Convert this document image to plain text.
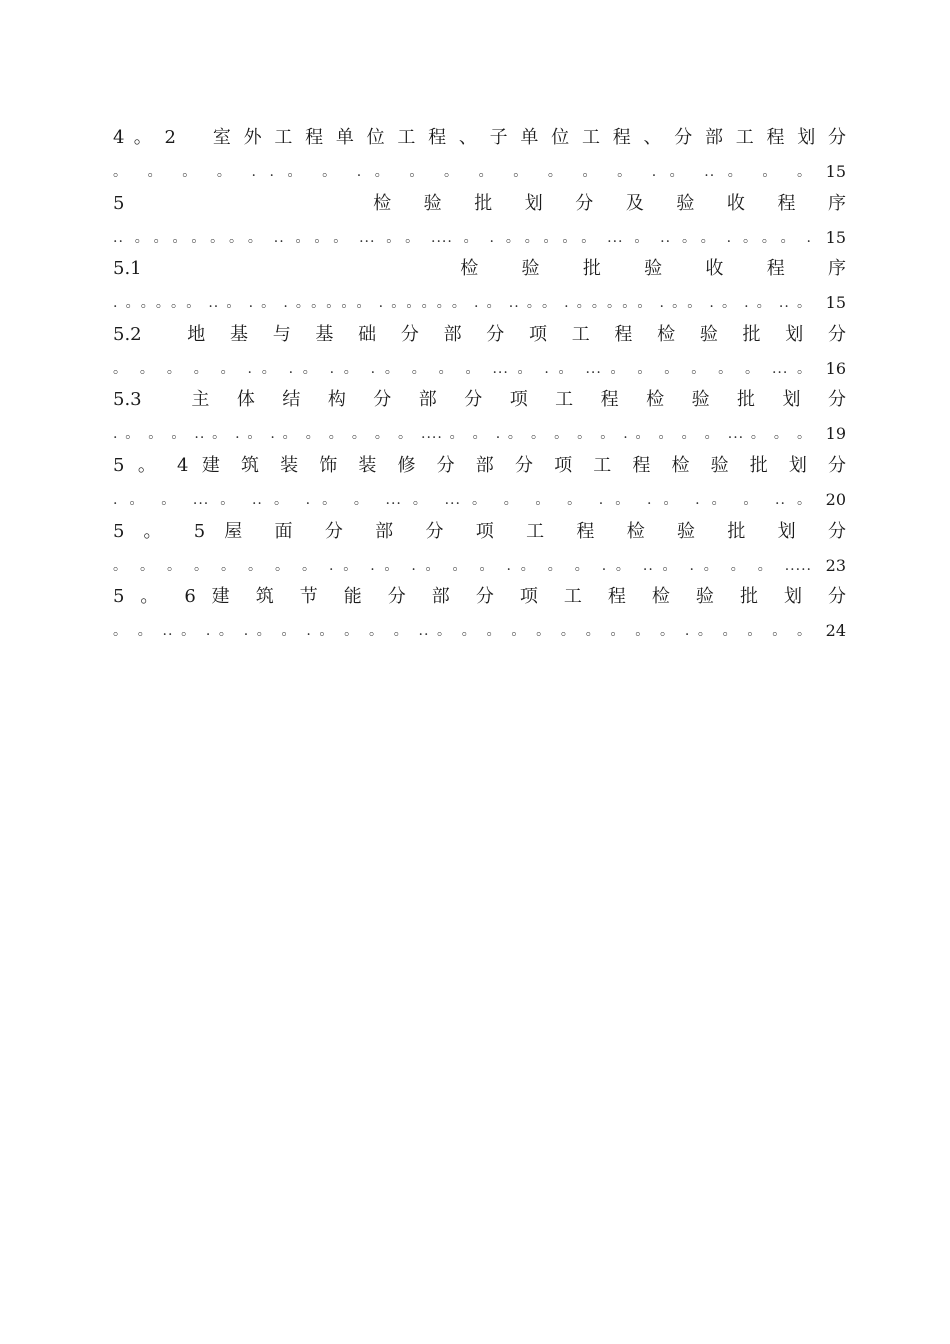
4 。 2    室 外 工 程 单 位 工 程 、 子 单 位 工 程 、 分 部 工 程 划 分
。 。 。 。 . . 。 。 . 。 。 。 。 。 。 。 。 . 。 .. 。 。 。 15
5             检 验 批 划 分 及 验 收 程 序
..。。。。。。。..。。。...。。....。.。。。。。...。..。。.。。。. 15
5.1             检 验 批 验 收 程 序
.。。。。。..。.。.。。。。。.。。。。。.。..。。.。。。。。.。。.。.。..。 15
5.2   地 基 与 基 础 分 部 分 项 工 程 检 验 批 划 分
。 。 。 。 。 . 。 . 。 . 。 . 。 。 。 。 ... 。 . 。 ... 。 。 。 。 。 。 ... 。 16
5.3   主 体 结 构 分 部 分 项 工 程 检 验 批 划 分
. 。 。 。 .. 。 . 。 . 。 。 。 。 。 。 .... 。 。 . 。 。 。 。 。 . 。 。 。 。 ... 。 。 。 19
5 。 4 建 筑 装 饰 装 修 分 部 分 项 工 程 检 验 批 划 分
. 。 。 ... 。 .. 。 . 。 。 ... 。 ... 。 。 。 。 . 。 . 。 . 。 。 .. 。 20
5 。 5 屋 面 分 部 分 项 工 程 检 验 批 划 分
。 。 。 。 。 。 。 。 . 。 . 。 . 。 。 。 . 。 。 。 . 。 .. 。 . 。 。 。 ..... 23
5 。 6 建 筑 节 能 分 部 分 项 工 程 检 验 批 划 分
。 。 .. 。 . 。 . 。 。 . 。 。 。 。 .. 。 。 。 。 。 。 。 。 。 。 . 。 。 。 。 。 24
